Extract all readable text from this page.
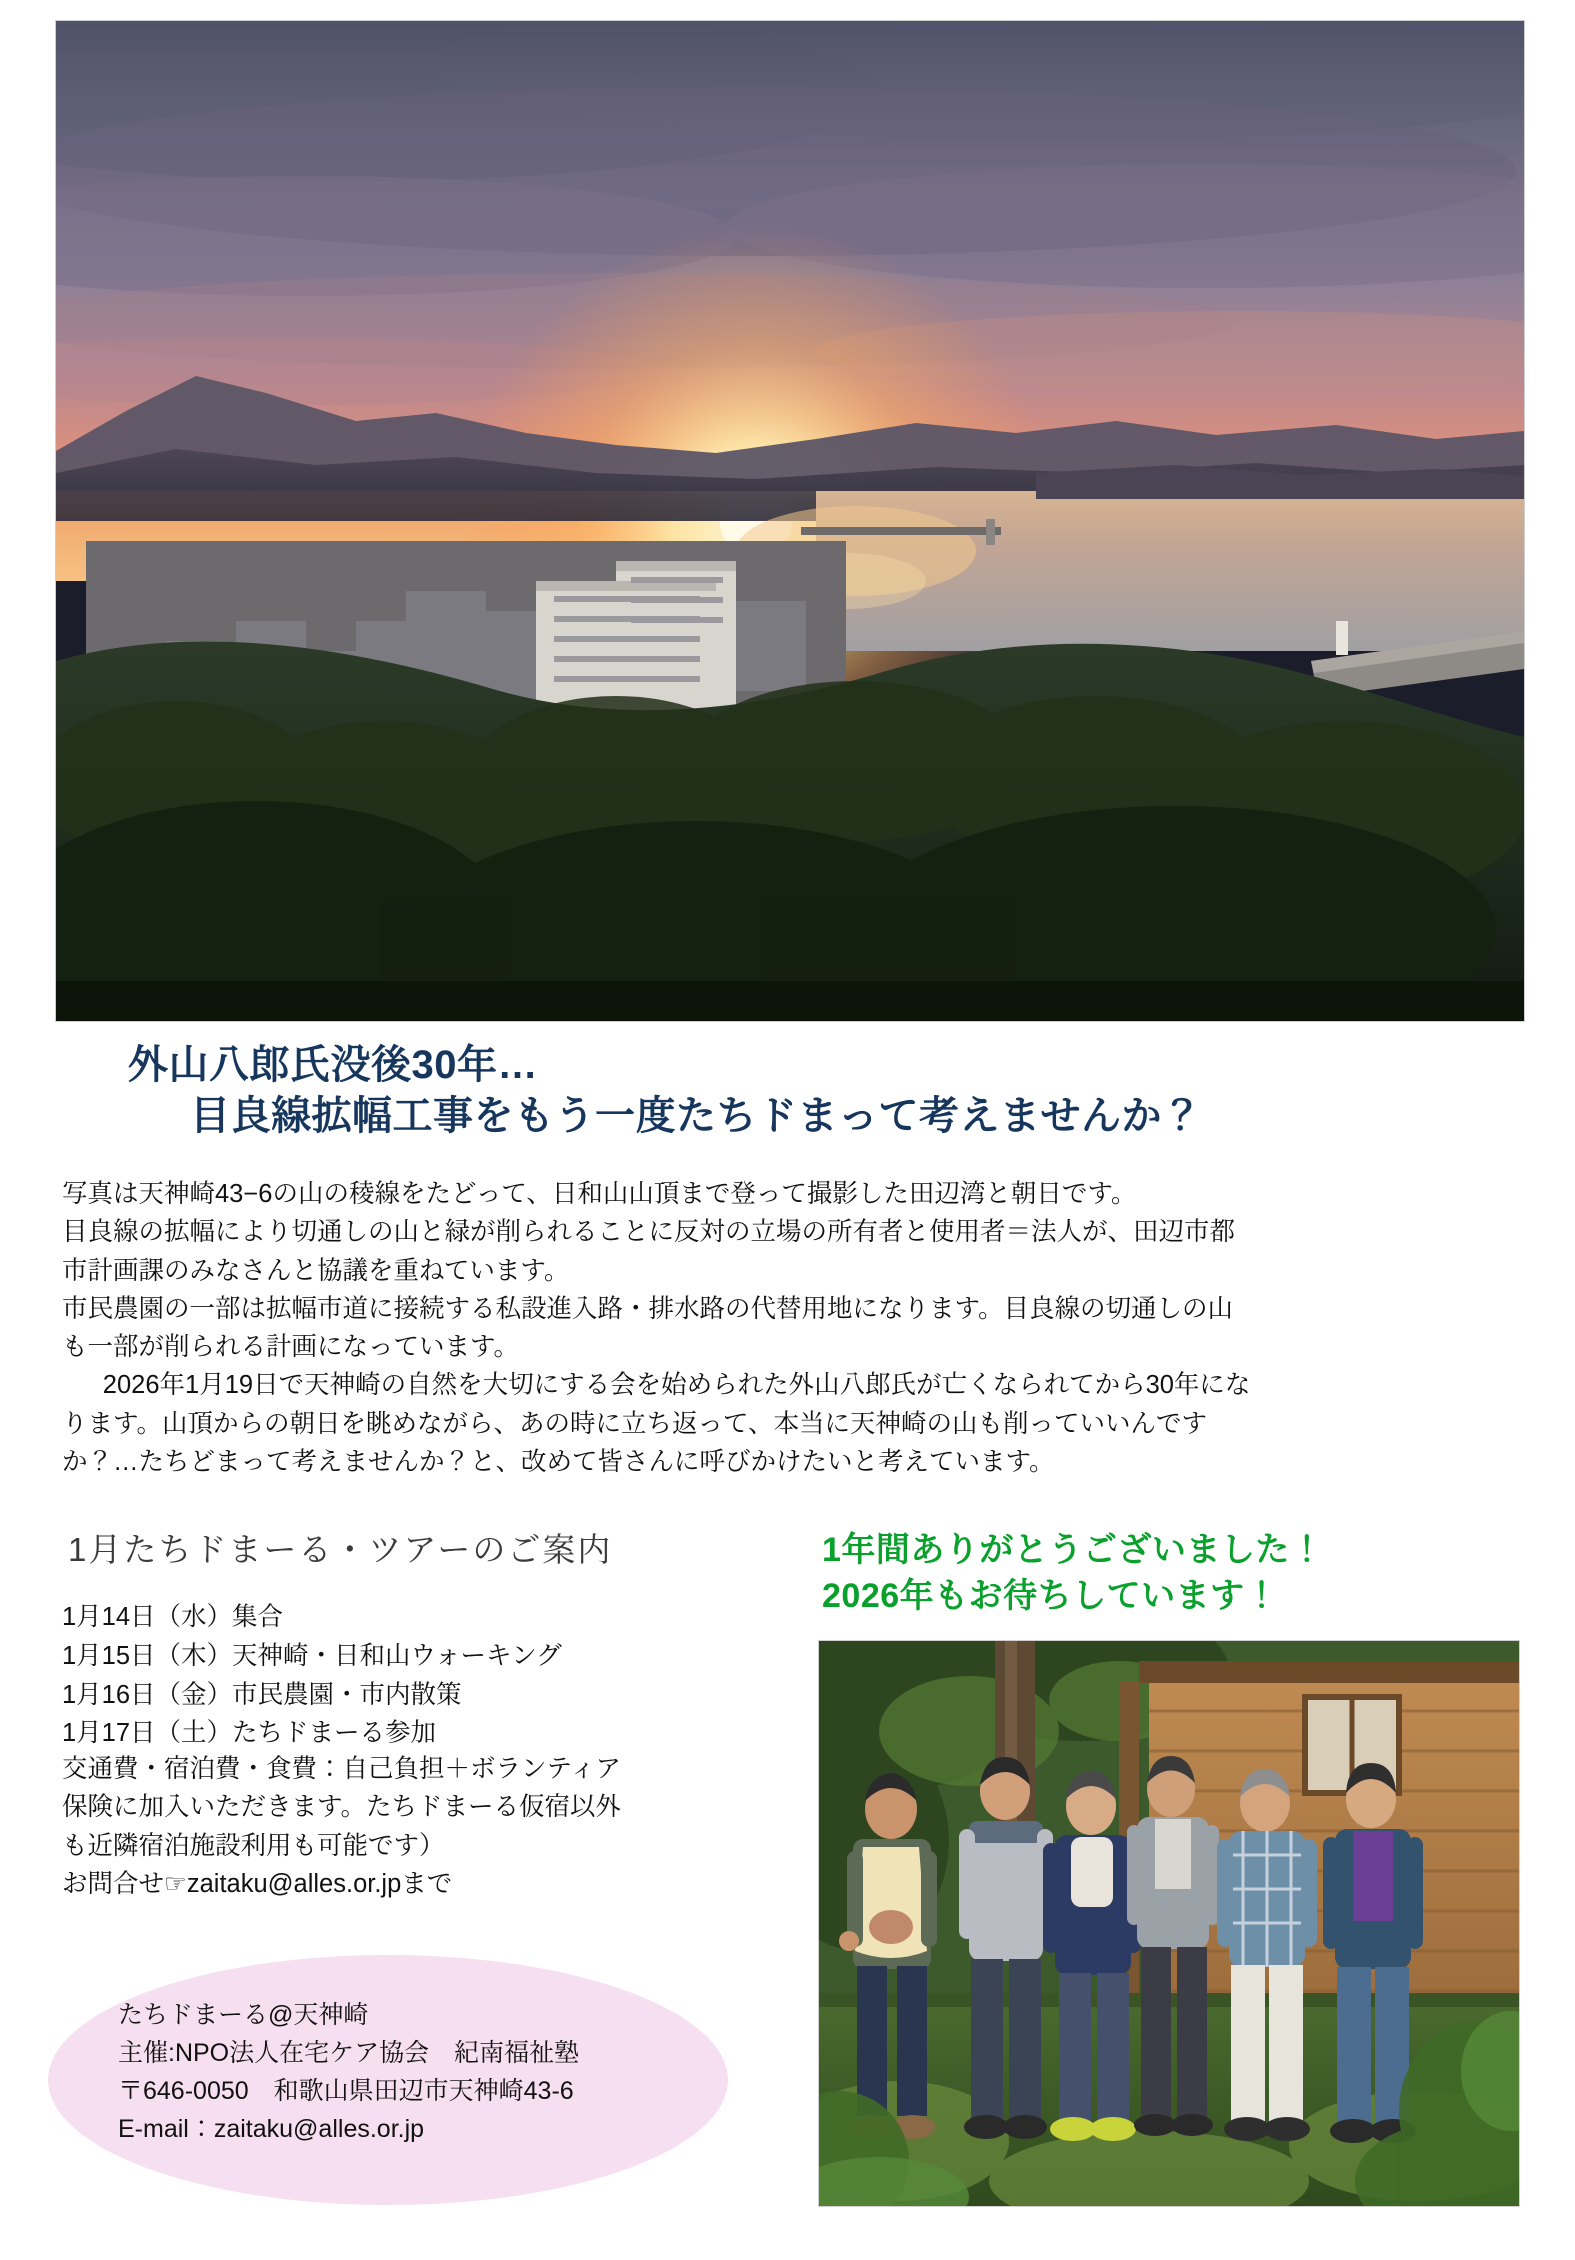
外山八郎氏没後30年…
目良線拡幅工事をもう一度たちドまって考えませんか？

写真は天神崎43−6の山の稜線をたどって、日和山山頂まで登って撮影した田辺湾と朝日です。

目良線の拡幅により切通しの山と緑が削られることに反対の立場の所有者と使用者＝法人が、田辺市都

市計画課のみなさんと協議を重ねています。

市民農園の一部は拡幅市道に接続する私設進入路・排水路の代替用地になります。目良線の切通しの山

も一部が削られる計画になっています。

2026年1月19日で天神崎の自然を大切にする会を始められた外山八郎氏が亡くなられてから30年にな

ります。山頂からの朝日を眺めながら、あの時に立ち返って、本当に天神崎の山も削っていいんです

か？…たちどまって考えませんか？と、改めて皆さんに呼びかけたいと考えています。

1月たちドまーる・ツアーのご案内
1月14日（水）集合
1月15日（木）天神崎・日和山ウォーキング
1月16日（金）市民農園・市内散策
1月17日（土）たちドまーる参加

交通費・宿泊費・食費：自己負担＋ボランティア

保険に加入いただきます。たちドまーる仮宿以外

も近隣宿泊施設利用も可能です）

お問合せ☞zaitaku@alles.or.jpまで

たちドまーる@天神崎
主催:NPO法人在宅ケア協会　紀南福祉塾
〒646-0050　和歌山県田辺市天神崎43-6
E-mail：zaitaku@alles.or.jp
1年間ありがとうございました！
2026年もお待ちしています！
